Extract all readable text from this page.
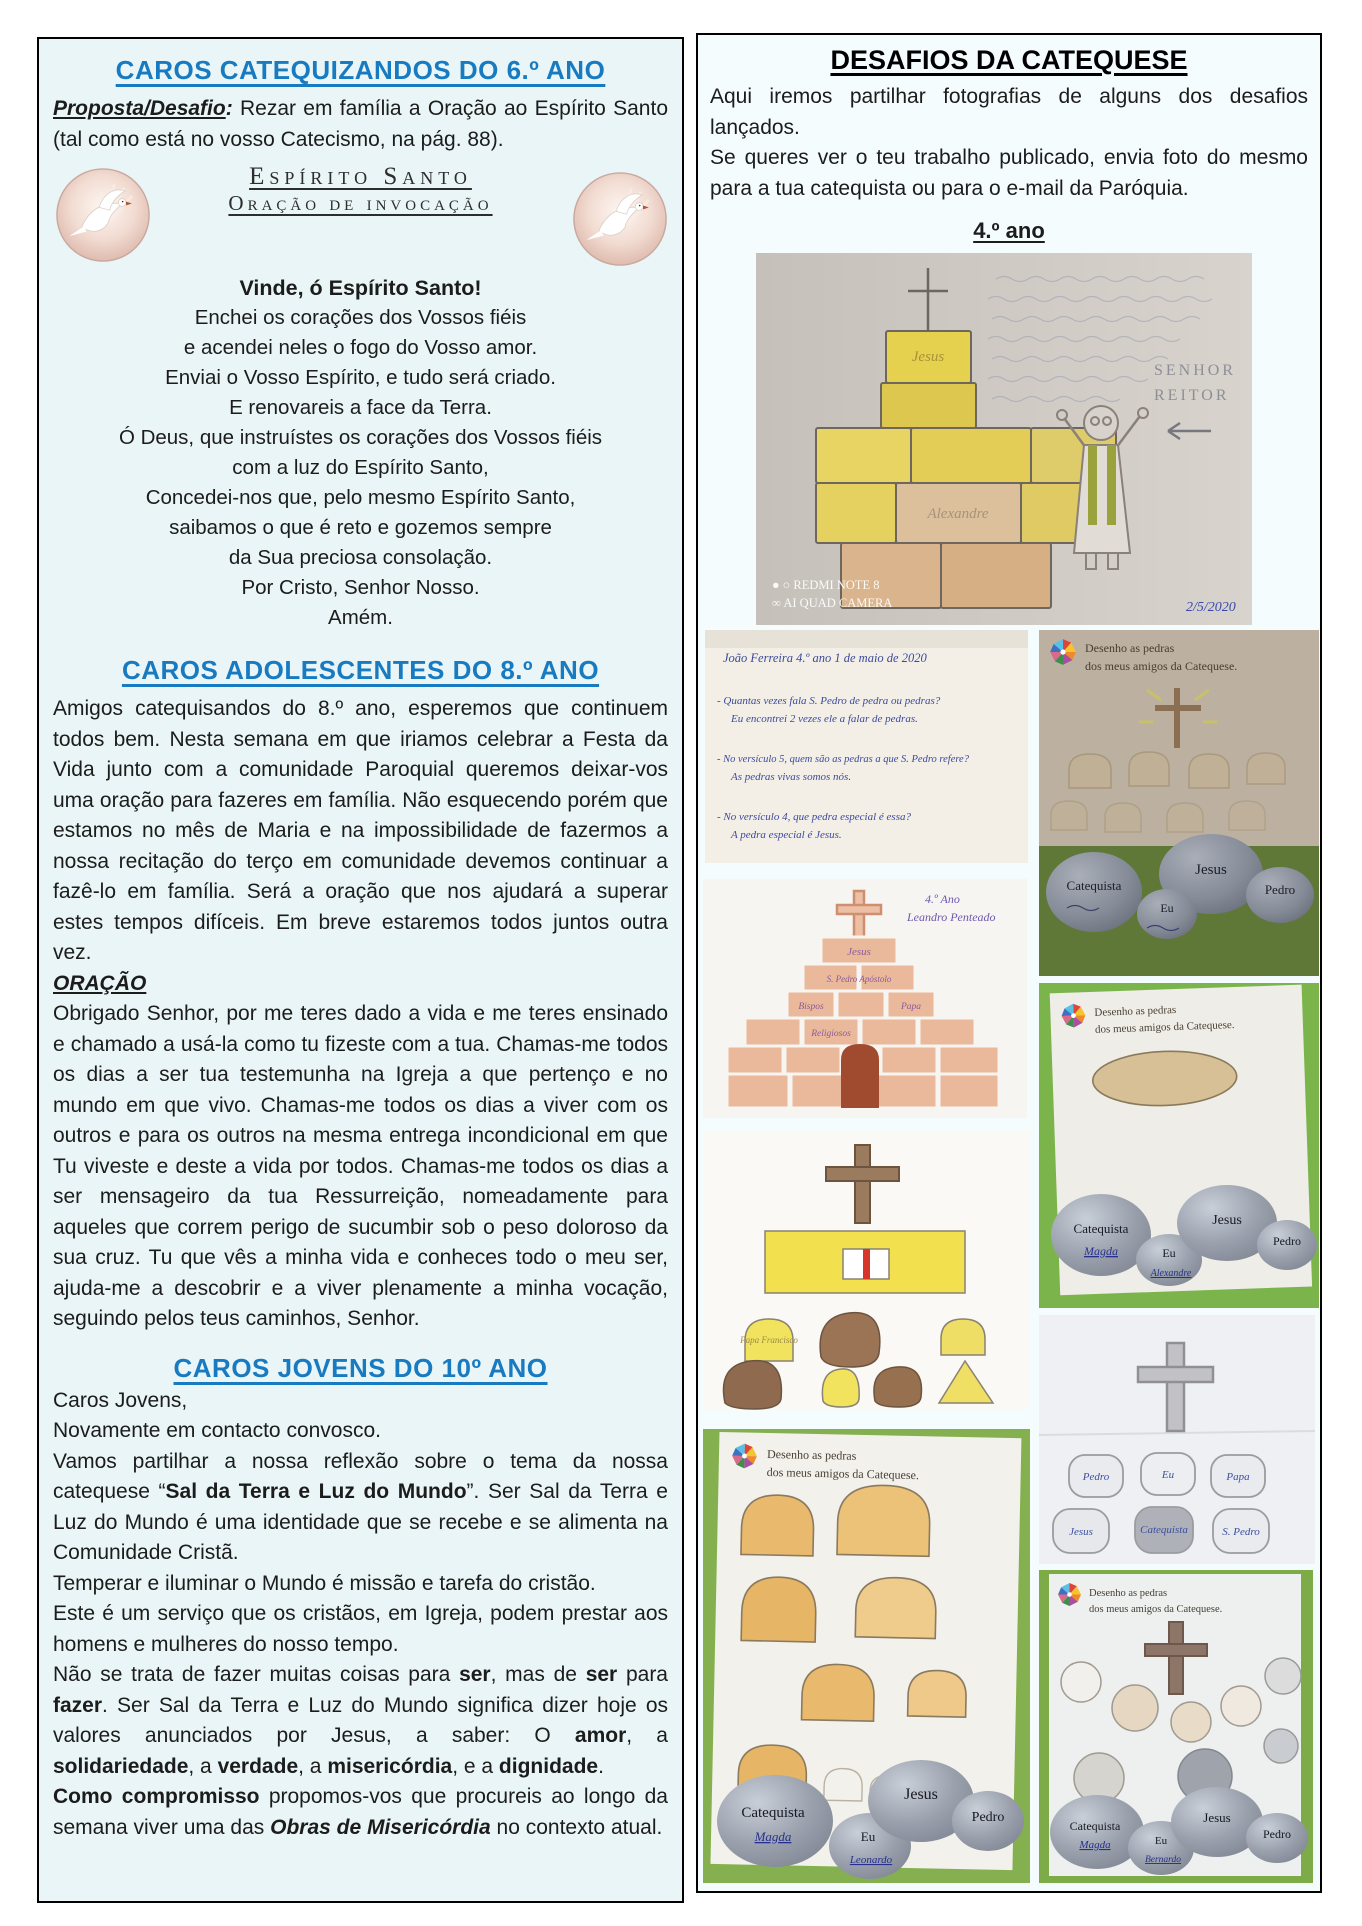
CAROS CATEQUIZANDOS DO 6.º ANO

Proposta/Desafio: Rezar em família a Oração ao Espírito Santo (tal como está no vosso Catecismo, na pág. 88).

Espírito Santo
Oração de invocação
Vinde, ó Espírito Santo!
Enchei os corações dos Vossos fiéis
e acendei neles o fogo do Vosso amor.
Enviai o Vosso Espírito, e tudo será criado.
E renovareis a face da Terra.
Ó Deus, que instruístes os corações dos Vossos fiéis
com a luz do Espírito Santo,
Concedei-nos que, pelo mesmo Espírito Santo,
saibamos o que é reto e gozemos sempre
da Sua preciosa consolação.
Por Cristo, Senhor Nosso.
Amém.
CAROS ADOLESCENTES DO 8.º ANO

Amigos catequisandos do 8.º ano, esperemos que continuem todos bem. Nesta semana em que iriamos celebrar a Festa da Vida junto com a comunidade Paroquial queremos deixar-vos uma oração para fazeres em família. Não esquecendo porém que estamos no mês de Maria e na impossibilidade de fazermos a nossa recitação do terço em comunidade devemos continuar a fazê-lo em família. Será a oração que nos ajudará a superar estes tempos difíceis. Em breve estaremos todos juntos outra vez.

ORAÇÃO

Obrigado Senhor, por me teres dado a vida e me teres ensinado e chamado a usá-la como tu fizeste com a tua. Chamas-me todos os dias a ser tua testemunha na Igreja a que pertenço e no mundo em que vivo. Chamas-me todos os dias a viver com os outros e para os outros na mesma entrega incondicional em que Tu viveste e deste a vida por todos. Chamas-me todos os dias a ser mensageiro da tua Ressurreição, nomeadamente para aqueles que correm perigo de sucumbir sob o peso doloroso da sua cruz. Tu que vês a minha vida e conheces todo o meu ser, ajuda-me a descobrir e a viver plenamente a minha vocação, seguindo pelos teus caminhos, Senhor.

CAROS JOVENS DO 10º ANO

Caros Jovens,

Novamente em contacto convosco.

Vamos partilhar a nossa reflexão sobre o tema da nossa catequese “Sal da Terra e Luz do Mundo”. Ser Sal da Terra e Luz do Mundo é uma identidade que se recebe e se alimenta na Comunidade Cristã.

Temperar e iluminar o Mundo é missão e tarefa do cristão.

Este é um serviço que os cristãos, em Igreja, podem prestar aos homens e mulheres do nosso tempo.

Não se trata de fazer muitas coisas para ser, mas de ser para fazer. Ser Sal da Terra e Luz do Mundo significa dizer hoje os valores anunciados por Jesus, a saber: O amor, a solidariedade, a verdade, a misericórdia, e a dignidade.

Como compromisso propomos-vos que procureis ao longo da semana viver uma das Obras de Misericórdia no contexto atual.

DESAFIOS DA CATEQUESE

Aqui iremos partilhar fotografias de alguns dos desafios lançados.

Se queres ver o teu trabalho publicado, envia foto do mesmo para a tua catequista ou para o e-mail da Paróquia.

4.º ano
Jesus
Alexandre
SENHOR
REITOR
● ○ REDMI NOTE 8
∞ AI QUAD CAMERA	2/5/2020
João Ferreira 4.º ano 1 de maio de 2020
- Quantas vezes fala S. Pedro de pedra ou pedras?
Eu encontrei 2 vezes ele a falar de pedras.
- No versículo 5, quem são as pedras a que S. Pedro refere?
As pedras vivas somos nós.
- No versículo 4, que pedra especial é essa?
A pedra especial é Jesus.
Desenho as pedras
dos meus amigos da Catequese.
Catequista
Jesus
Eu
Pedro
4.º Ano
Leandro Penteado
Jesus
S. Pedro Apóstolo
Bispos	Papa
Religiosos
Desenho as pedras
dos meus amigos da Catequese.
Catequista
Eu
Jesus
Pedro
Magda
Alexandre
Papa Francisco
Pedro	Eu	Papa
Jesus	Catequista	S. Pedro
Desenho as pedras
dos meus amigos da Catequese.
Catequista
Eu
Jesus
Pedro
Magda
Leonardo
Desenho as pedras
dos meus amigos da Catequese.
Catequista
Eu
Jesus
Pedro
Magda
Bernardo
